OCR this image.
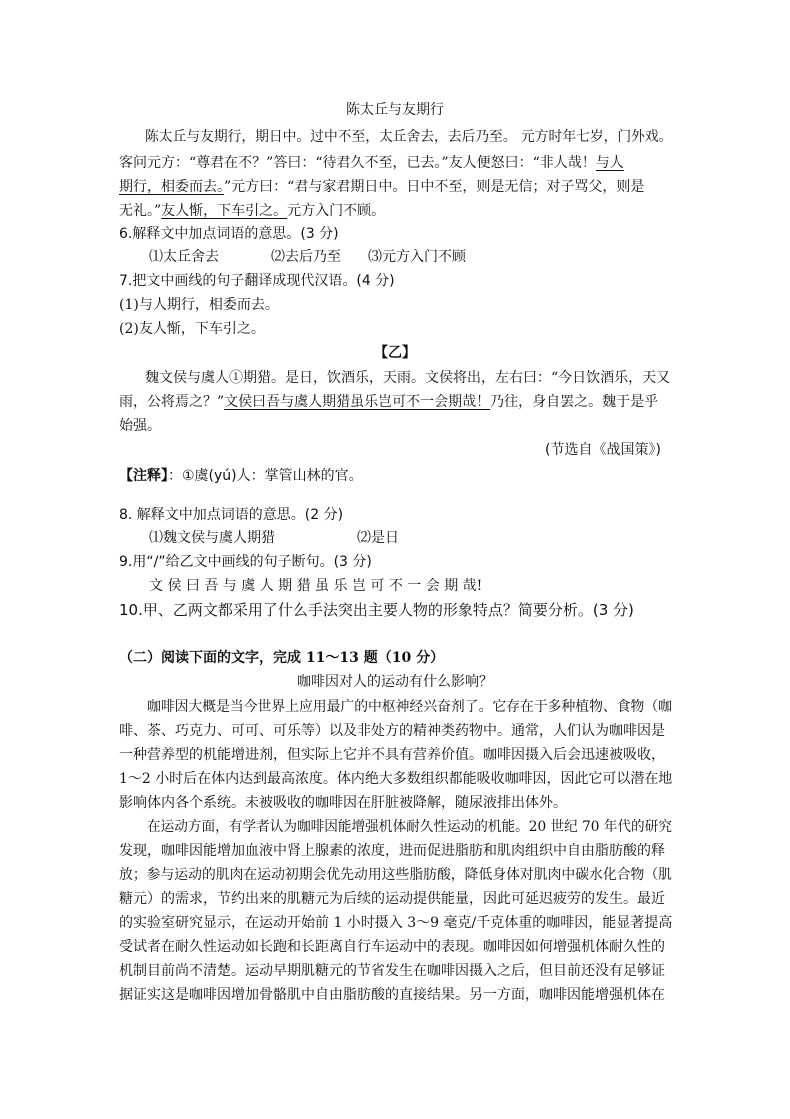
陈太丘与友期行
陈太丘与友期行，期日中。过中不至，太丘舍去，去后乃至。 元方时年七岁，门外戏。
客问元方：“尊君在不？”答曰：“待君久不至，已去。”友人便怒曰：“非人哉！与人
期行，相委而去。”元方曰：“君与家君期日中。日中不至，则是无信；对子骂父，则是
无礼。”友人惭，下车引之。元方入门不顾。
6.解释文中加点词语的意思。(3 分)
⑴太丘舍去	⑵去后乃至 ⑶元方入门不顾
7.把文中画线的句子翻译成现代汉语。(4 分)
(1)与人期行，相委而去。
(2)友人惭，下车引之。
【乙】
魏文侯与虞人①期猎。是日，饮酒乐，天雨。文侯将出，左右曰：“今日饮酒乐，天又
雨，公将焉之？”文侯曰吾与虞人期猎虽乐岂可不一会期哉！乃往，身自罢之。魏于是乎
始强。
(节选自《战国策》)
【注释】：①虞(yú)人：掌管山林的官。
8. 解释文中加点词语的意思。(2 分)
⑴魏文侯与虞人期猎	⑵是日
9.用“/”给乙文中画线的句子断句。(3 分)
文 侯 曰 吾 与 虞 人 期 猎 虽 乐 岂 可 不 一 会 期 哉!
10.甲、乙两文都采用了什么手法突出主要人物的形象特点？简要分析。(3 分)
（二）阅读下面的文字，完成 11～13 题（10 分）
咖啡因对人的运动有什么影响？
咖啡因大概是当今世界上应用最广的中枢神经兴奋剂了。它存在于多种植物、食物（咖
啡、茶、巧克力、可可、可乐等）以及非处方的精神类药物中。通常，人们认为咖啡因是
一种营养型的机能增进剂，但实际上它并不具有营养价值。咖啡因摄入后会迅速被吸收，
1～2 小时后在体内达到最高浓度。体内绝大多数组织都能吸收咖啡因，因此它可以潜在地
影响体内各个系统。未被吸收的咖啡因在肝脏被降解，随尿液排出体外。
在运动方面，有学者认为咖啡因能增强机体耐久性运动的机能。20 世纪 70 年代的研究
发现，咖啡因能增加血液中肾上腺素的浓度，进而促进脂肪和肌肉组织中自由脂肪酸的释
放；参与运动的肌肉在运动初期会优先动用这些脂肪酸，降低身体对肌肉中碳水化合物（肌
糖元）的需求，节约出来的肌糖元为后续的运动提供能量，因此可延迟疲劳的发生。最近
的实验室研究显示，在运动开始前 1 小时摄入 3～9 毫克/千克体重的咖啡因，能显著提高
受试者在耐久性运动如长跑和长距离自行车运动中的表现。咖啡因如何增强机体耐久性的
机制目前尚不清楚。运动早期肌糖元的节省发生在咖啡因摄入之后，但目前还没有足够证
据证实这是咖啡因增加骨骼肌中自由脂肪酸的直接结果。另一方面，咖啡因能增强机体在
